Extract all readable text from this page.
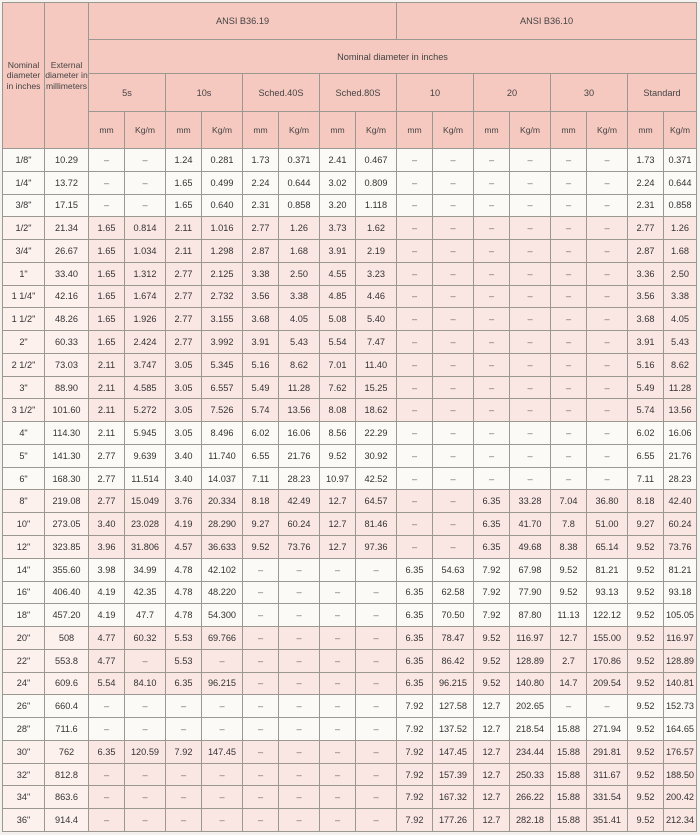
Nominal diameter in inches	External diameter in millimeters	ANSI B36.19								ANSI B36.10							
		Nominal diameter in inches															
		5s		10s		Sched.40S		Sched.80S		10		20		30		Standard	
		mm	Kg/m	mm	Kg/m	mm	Kg/m	mm	Kg/m	mm	Kg/m	mm	Kg/m	mm	Kg/m	mm	Kg/m
1/8"	10.29	–	–	1.24	0.281	1.73	0.371	2.41	0.467	–	–	–	–	–	–	1.73	0.371
1/4"	13.72	–	–	1.65	0.499	2.24	0.644	3.02	0.809	–	–	–	–	–	–	2.24	0.644
3/8"	17.15	–	–	1.65	0.640	2.31	0.858	3.20	1.118	–	–	–	–	–	–	2.31	0.858
1/2"	21.34	1.65	0.814	2.11	1.016	2.77	1.26	3.73	1.62	–	–	–	–	–	–	2.77	1.26
3/4"	26.67	1.65	1.034	2.11	1.298	2.87	1.68	3.91	2.19	–	–	–	–	–	–	2.87	1.68
1"	33.40	1.65	1.312	2.77	2.125	3.38	2.50	4.55	3.23	–	–	–	–	–	–	3.36	2.50
1 1/4"	42.16	1.65	1.674	2.77	2.732	3.56	3.38	4.85	4.46	–	–	–	–	–	–	3.56	3.38
1 1/2"	48.26	1.65	1.926	2.77	3.155	3.68	4.05	5.08	5.40	–	–	–	–	–	–	3.68	4.05
2"	60.33	1.65	2.424	2.77	3.992	3.91	5.43	5.54	7.47	–	–	–	–	–	–	3.91	5.43
2 1/2"	73.03	2.11	3.747	3.05	5.345	5.16	8.62	7.01	11.40	–	–	–	–	–	–	5.16	8.62
3"	88.90	2.11	4.585	3.05	6.557	5.49	11.28	7.62	15.25	–	–	–	–	–	–	5.49	11.28
3 1/2"	101.60	2.11	5.272	3.05	7.526	5.74	13.56	8.08	18.62	–	–	–	–	–	–	5.74	13.56
4"	114.30	2.11	5.945	3.05	8.496	6.02	16.06	8.56	22.29	–	–	–	–	–	–	6.02	16.06
5"	141.30	2.77	9.639	3.40	11.740	6.55	21.76	9.52	30.92	–	–	–	–	–	–	6.55	21.76
6"	168.30	2.77	11.514	3.40	14.037	7.11	28.23	10.97	42.52	–	–	–	–	–	–	7.11	28.23
8"	219.08	2.77	15.049	3.76	20.334	8.18	42.49	12.7	64.57	–	–	6.35	33.28	7.04	36.80	8.18	42.40
10"	273.05	3.40	23.028	4.19	28.290	9.27	60.24	12.7	81.46	–	–	6.35	41.70	7.8	51.00	9.27	60.24
12"	323.85	3.96	31.806	4.57	36.633	9.52	73.76	12.7	97.36	–	–	6.35	49.68	8.38	65.14	9.52	73.76
14"	355.60	3.98	34.99	4.78	42.102	–	–	–	–	6.35	54.63	7.92	67.98	9.52	81.21	9.52	81.21
16"	406.40	4.19	42.35	4.78	48.220	–	–	–	–	6.35	62.58	7.92	77.90	9.52	93.13	9.52	93.18
18"	457.20	4.19	47.7	4.78	54.300	–	–	–	–	6.35	70.50	7.92	87.80	11.13	122.12	9.52	105.05
20"	508	4.77	60.32	5.53	69.766	–	–	–	–	6.35	78.47	9.52	116.97	12.7	155.00	9.52	116.97
22"	553.8	4.77	–	5.53	–	–	–	–	–	6.35	86.42	9.52	128.89	2.7	170.86	9.52	128.89
24"	609.6	5.54	84.10	6.35	96.215	–	–	–	–	6.35	96.215	9.52	140.80	14.7	209.54	9.52	140.81
26"	660.4	–	–	–	–	–	–	–	–	7.92	127.58	12.7	202.65	–	–	9.52	152.73
28"	711.6	–	–	–	–	–	–	–	–	7.92	137.52	12.7	218.54	15.88	271.94	9.52	164.65
30"	762	6.35	120.59	7.92	147.45	–	–	–	–	7.92	147.45	12.7	234.44	15.88	291.81	9.52	176.57
32"	812.8	–	–	–	–	–	–	–	–	7.92	157.39	12.7	250.33	15.88	311.67	9.52	188.50
34"	863.6	–	–	–	–	–	–	–	–	7.92	167.32	12.7	266.22	15.88	331.54	9.52	200.42
36"	914.4	–	–	–	–	–	–	–	–	7.92	177.26	12.7	282.18	15.88	351.41	9.52	212.34
